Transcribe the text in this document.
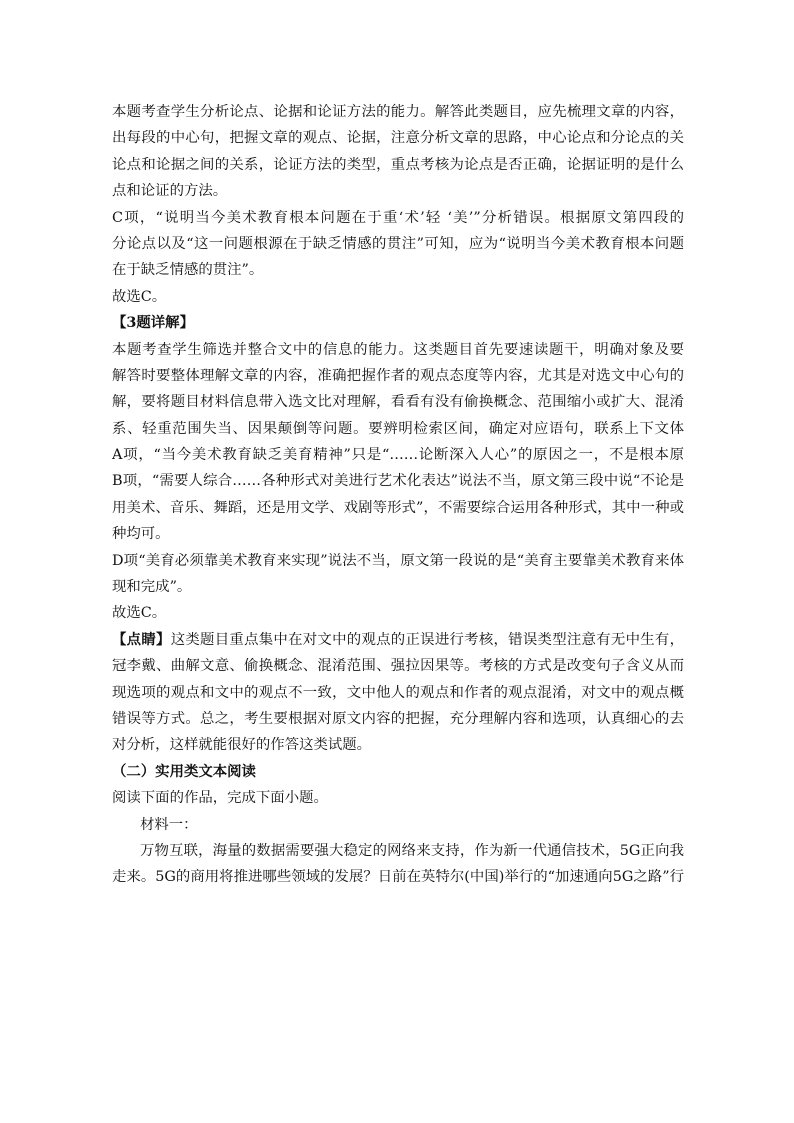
本题考查学生分析论点、论据和论证方法的能力。解答此类题目，应先梳理文章的内容，
出每段的中心句，把握文章的观点、论据，注意分析文章的思路，中心论点和分论点的关
论点和论据之间的关系，论证方法的类型，重点考核为论点是否正确，论据证明的是什么
点和论证的方法。
C项，“说明当今美术教育根本问题在于重‘术’轻 ‘美’”分析错误。根据原文第四段的
分论点以及“这一问题根源在于缺乏情感的贯注”可知，应为“说明当今美术教育根本问题
在于缺乏情感的贯注”。
故选C。
【3题详解】
本题考查学生筛选并整合文中的信息的能力。这类题目首先要速读题干，明确对象及要
解答时要整体理解文章的内容，准确把握作者的观点态度等内容，尤其是对选文中心句的
解，要将题目材料信息带入选文比对理解，看看有没有偷换概念、范围缩小或扩大、混淆
系、轻重范围失当、因果颠倒等问题。要辨明检索区间，确定对应语句，联系上下文体
A项，“当今美术教育缺乏美育精神”只是“……论断深入人心”的原因之一，不是根本原
B项，“需要人综合……各种形式对美进行艺术化表达”说法不当，原文第三段中说“不论是
用美术、音乐、舞蹈，还是用文学、戏剧等形式”，不需要综合运用各种形式，其中一种或
种均可。
D项“美育必须靠美术教育来实现”说法不当，原文第一段说的是“美育主要靠美术教育来体
现和完成”。
故选C。
【点睛】这类题目重点集中在对文中的观点的正误进行考核，错误类型注意有无中生有，
冠李戴、曲解文意、偷换概念、混淆范围、强拉因果等。考核的方式是改变句子含义从而
现选项的观点和文中的观点不一致，文中他人的观点和作者的观点混淆，对文中的观点概
错误等方式。总之，考生要根据对原文内容的把握，充分理解内容和选项，认真细心的去
对分析，这样就能很好的作答这类试题。
（二）实用类文本阅读
阅读下面的作品，完成下面小题。
材料一：
万物互联，海量的数据需要强大稳定的网络来支持，作为新一代通信技术，5G正向我
走来。5G的商用将推进哪些领域的发展？日前在英特尔(中国)举行的“加速通向5G之路”行
